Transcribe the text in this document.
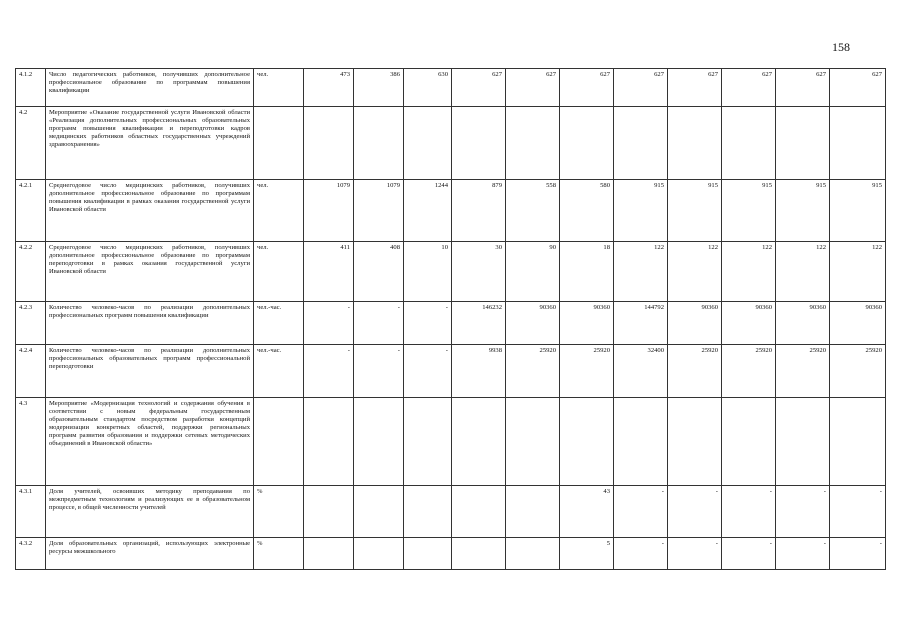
158
4.1.2	Число педагогических работников, получивших дополнительное профессиональное образование по программам повышения квалификации	чел.	473	386	630	627	627	627	627	627	627	627	627
4.2	Мероприятие «Оказание государственной услуги Ивановской области «Реализация дополнительных профессиональных образовательных программ повышения квалификации и переподготовки кадров медицинских работников областных государственных учреждений здравоохранения»												
4.2.1	Среднегодовое число медицинских работников, получивших дополнительное профессиональное образование по программам повышения квалификации в рамках оказания государственной услуги Ивановской области	чел.	1079	1079	1244	879	558	580	915	915	915	915	915
4.2.2	Среднегодовое число медицинских работников, получивших дополнительное профессиональное образование по программам переподготовки в рамках оказания государственной услуги Ивановской области	чел.	411	408	10	30	90	18	122	122	122	122	122
4.2.3	Количество человеко-часов по реализации дополнительных профессиональных программ повышения квалификации	чел.-час.	-	-	-	146232	90360	90360	144792	90360	90360	90360	90360
4.2.4	Количество человеко-часов по реализации дополнительных профессиональных образовательных программ профессиональной переподготовки	чел.-час.	-	-	-	9938	25920	25920	32400	25920	25920	25920	25920
4.3	Мероприятие «Модернизация технологий и содержания обучения в соответствии с новым федеральным государственным образовательным стандартом посредством разработки концепций модернизации конкретных областей, поддержки региональных программ развития образования и поддержки сетевых методических объединений в Ивановской области»												
4.3.1	Доля учителей, освоивших методику преподавания по межпредметным технологиям и реализующих ее в образовательном процессе, в общей численности учителей	%						43	-	-	-	-	-
4.3.2	Доля образовательных организаций, использующих электронные ресурсы межшкольного	%						5	-	-	-	-	-
